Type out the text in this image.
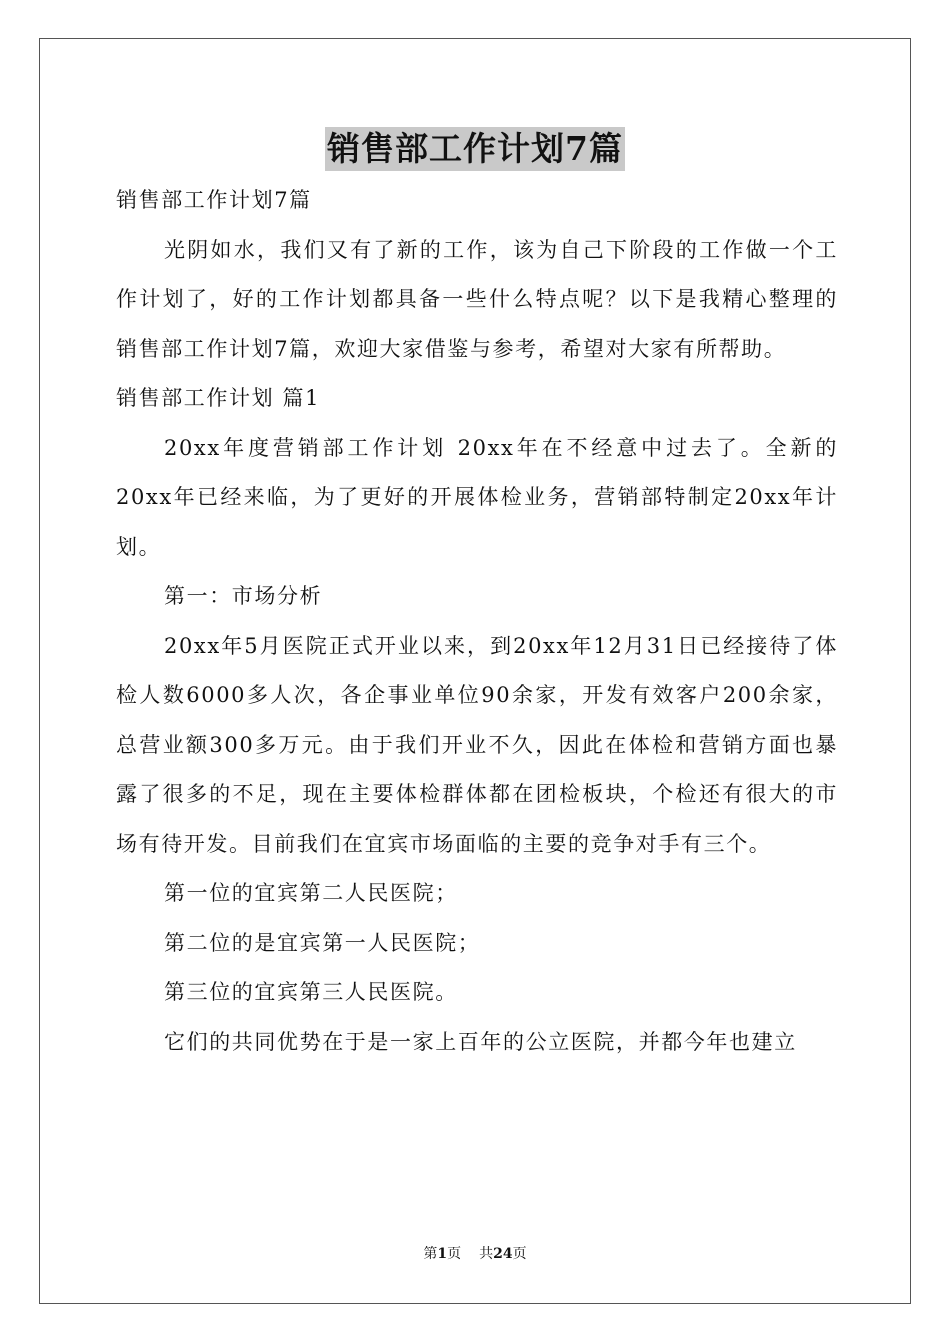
销售部工作计划7篇

销售部工作计划7篇

光阴如水，我们又有了新的工作，该为自己下阶段的工作做一个工作计划了，好的工作计划都具备一些什么特点呢？以下是我精心整理的销售部工作计划7篇，欢迎大家借鉴与参考，希望对大家有所帮助。

销售部工作计划 篇1

20xx年度营销部工作计划 20xx年在不经意中过去了。全新的20xx年已经来临，为了更好的开展体检业务，营销部特制定20xx年计划。

第一：市场分析

20xx年5月医院正式开业以来，到20xx年12月31日已经接待了体检人数6000多人次，各企事业单位90余家，开发有效客户200余家，总营业额300多万元。由于我们开业不久，因此在体检和营销方面也暴露了很多的不足，现在主要体检群体都在团检板块，个检还有很大的市场有待开发。目前我们在宜宾市场面临的主要的竞争对手有三个。

第一位的宜宾第二人民医院；

第二位的是宜宾第一人民医院；

第三位的宜宾第三人民医院。

它们的共同优势在于是一家上百年的公立医院，并都今年也建立

第1页 共24页
